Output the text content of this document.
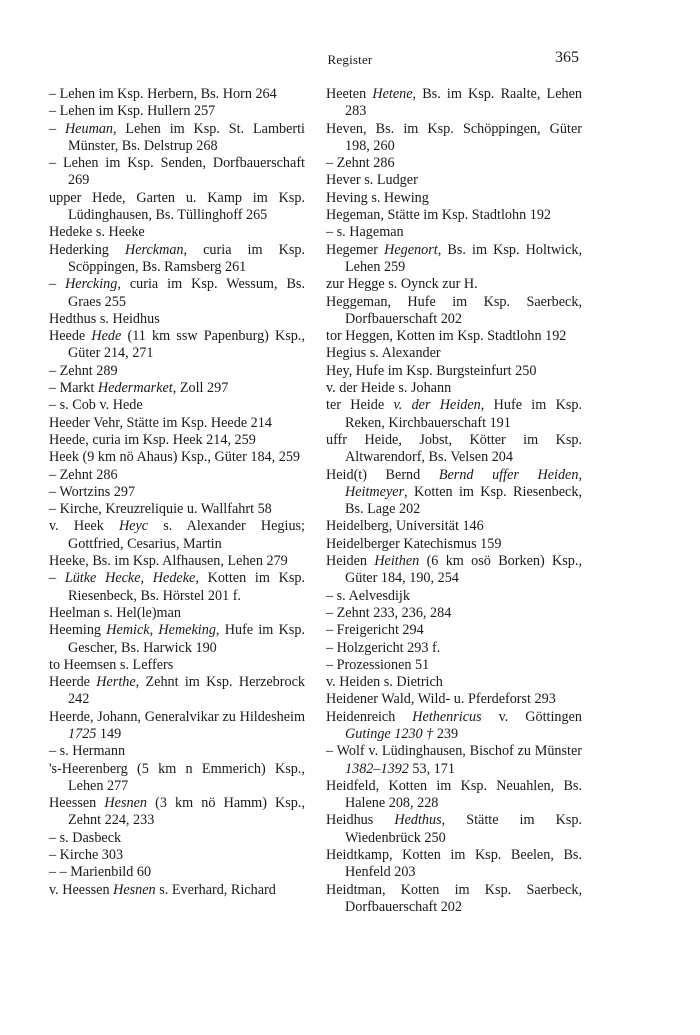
Register	365
– Lehen im Ksp. Herbern, Bs. Horn 264
– Lehen im Ksp. Hullern 257
– Heuman, Lehen im Ksp. St. Lamberti Münster, Bs. Delstrup 268
– Lehen im Ksp. Senden, Dorfbauerschaft 269
upper Hede, Garten u. Kamp im Ksp. Lüdinghausen, Bs. Tüllinghoff 265
Hedeke s. Heeke
Hederking Herckman, curia im Ksp. Scöppingen, Bs. Ramsberg 261
– Hercking, curia im Ksp. Wessum, Bs. Graes 255
Hedthus s. Heidhus
Heede Hede (11 km ssw Papenburg) Ksp., Güter 214, 271
– Zehnt 289
– Markt Hedermarket, Zoll 297
– s. Cob v. Hede
Heeder Vehr, Stätte im Ksp. Heede 214
Heede, curia im Ksp. Heek 214, 259
Heek (9 km nö Ahaus) Ksp., Güter 184, 259
– Zehnt 286
– Wortzins 297
– Kirche, Kreuzreliquie u. Wallfahrt 58
v. Heek Heyc s. Alexander Hegius; Gottfried, Cesarius, Martin
Heeke, Bs. im Ksp. Alfhausen, Lehen 279
– Lütke Hecke, Hedeke, Kotten im Ksp. Riesenbeck, Bs. Hörstel 201 f.
Heelman s. Hel(le)man
Heeming Hemick, Hemeking, Hufe im Ksp. Gescher, Bs. Harwick 190
to Heemsen s. Leffers
Heerde Herthe, Zehnt im Ksp. Herzebrock 242
Heerde, Johann, Generalvikar zu Hildesheim 1725 149
– s. Hermann
's-Heerenberg (5 km n Emmerich) Ksp., Lehen 277
Heessen Hesnen (3 km nö Hamm) Ksp., Zehnt 224, 233
– s. Dasbeck
– Kirche 303
– – Marienbild 60
v. Heessen Hesnen s. Everhard, Richard
Heeten Hetene, Bs. im Ksp. Raalte, Lehen 283
Heven, Bs. im Ksp. Schöppingen, Güter 198, 260
– Zehnt 286
Hever s. Ludger
Heving s. Hewing
Hegeman, Stätte im Ksp. Stadtlohn 192
– s. Hageman
Hegemer Hegenort, Bs. im Ksp. Holtwick, Lehen 259
zur Hegge s. Oynck zur H.
Heggeman, Hufe im Ksp. Saerbeck, Dorfbauerschaft 202
tor Heggen, Kotten im Ksp. Stadtlohn 192
Hegius s. Alexander
Hey, Hufe im Ksp. Burgsteinfurt 250
v. der Heide s. Johann
ter Heide v. der Heiden, Hufe im Ksp. Reken, Kirchbauerschaft 191
uffr Heide, Jobst, Kötter im Ksp. Altwarendorf, Bs. Velsen 204
Heid(t) Bernd Bernd uffer Heiden, Heitmeyer, Kotten im Ksp. Riesenbeck, Bs. Lage 202
Heidelberg, Universität 146
Heidelberger Katechismus 159
Heiden Heithen (6 km osö Borken) Ksp., Güter 184, 190, 254
– s. Aelvesdijk
– Zehnt 233, 236, 284
– Freigericht 294
– Holzgericht 293 f.
– Prozessionen 51
v. Heiden s. Dietrich
Heidener Wald, Wild- u. Pferdeforst 293
Heidenreich Hethenricus v. Göttingen Gutinge 1230 † 239
– Wolf v. Lüdinghausen, Bischof zu Münster 1382–1392 53, 171
Heidfeld, Kotten im Ksp. Neuahlen, Bs. Halene 208, 228
Heidhus Hedthus, Stätte im Ksp. Wiedenbrück 250
Heidtkamp, Kotten im Ksp. Beelen, Bs. Henfeld 203
Heidtman, Kotten im Ksp. Saerbeck, Dorfbauerschaft 202
